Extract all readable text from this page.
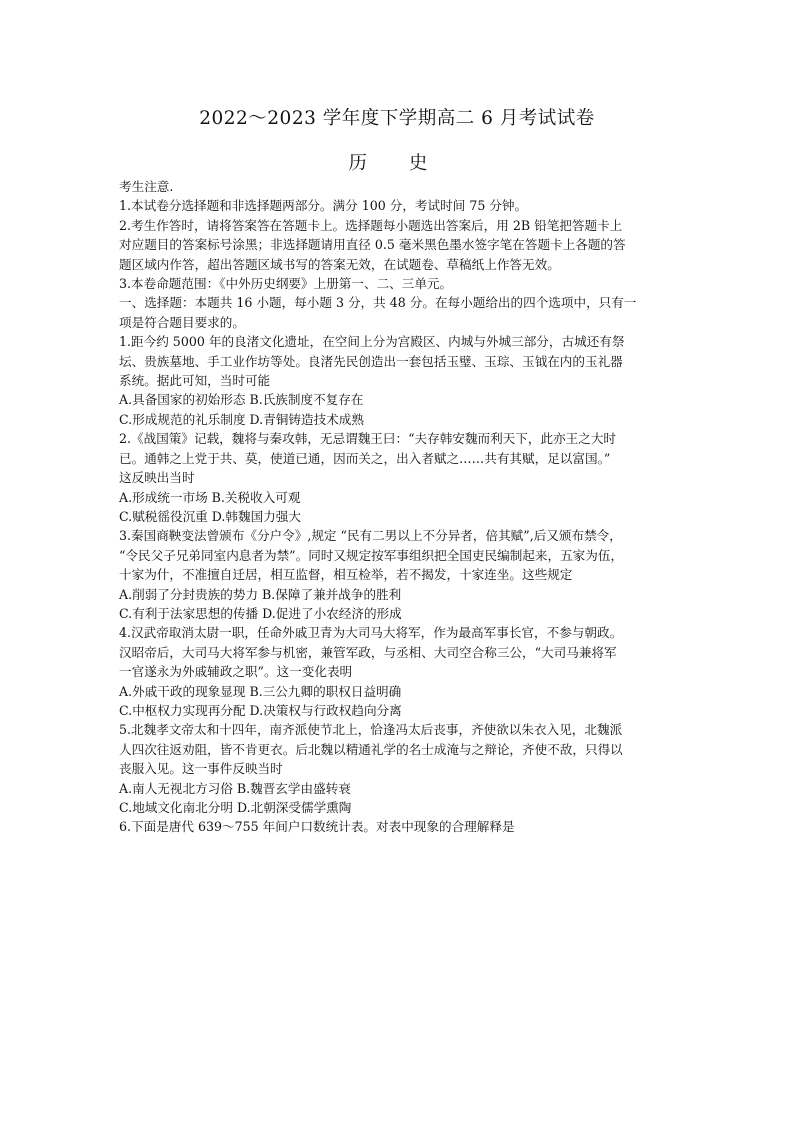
2022～2023 学年度下学期高二 6 月考试试卷
历 史

考生注意.

1.本试卷分选择题和非选择题两部分。满分 100 分，考试时间 75 分钟。

2.考生作答时，请将答案答在答题卡上。选择题每小题选出答案后，用 2B 铅笔把答题卡上

对应题目的答案标号涂黑；非选择题请用直径 0.5 毫米黑色墨水签字笔在答题卡上各题的答

题区域内作答，超出答题区域书写的答案无效，在试题卷、草稿纸上作答无效。

3.本卷命题范围：《中外历史纲要》上册第一、二、三单元。

一、选择题：本题共 16 小题，每小题 3 分，共 48 分。在每小题给出的四个选项中，只有一

项是符合题目要求的。

1.距今约 5000 年的良渚文化遗址，在空间上分为宫殿区、内城与外城三部分，古城还有祭

坛、贵族墓地、手工业作坊等处。良渚先民创造出一套包括玉璧、玉琮、玉钺在内的玉礼器

系统。据此可知，当时可能

A.具备国家的初始形态 B.氏族制度不复存在

C.形成规范的礼乐制度 D.青铜铸造技术成熟

2.《战国策》记载，魏将与秦攻韩，无忌谓魏王曰：“夫存韩安魏而利天下，此亦王之大时

已。通韩之上党于共、莫，使道已通，因而关之，出入者赋之……共有其赋，足以富国。”

这反映出当时

A.形成统一市场 B.关税收入可观

C.赋税徭役沉重 D.韩魏国力强大

3.秦国商鞅变法曾颁布《分户令》,规定 “民有二男以上不分异者，倍其赋”,后又颁布禁令，

“令民父子兄弟同室内息者为禁”。同时又规定按军事组织把全国吏民编制起来，五家为伍，

十家为什，不准擅自迁居，相互监督，相互检举，若不揭发，十家连坐。这些规定

A.削弱了分封贵族的势力 B.保障了兼并战争的胜利

C.有利于法家思想的传播 D.促进了小农经济的形成

4.汉武帝取消太尉一职，任命外戚卫青为大司马大将军，作为最高军事长官，不参与朝政。

汉昭帝后，大司马大将军参与机密，兼管军政，与丞相、大司空合称三公，“大司马兼将军

一官遂永为外戚辅政之职”。这一变化表明

A.外戚干政的现象显现 B.三公九卿的职权日益明确

C.中枢权力实现再分配 D.决策权与行政权趋向分离

5.北魏孝文帝太和十四年，南齐派使节北上，恰逢冯太后丧事，齐使欲以朱衣入见，北魏派

人四次往返劝阻，皆不肯更衣。后北魏以精通礼学的名士成淹与之辩论，齐使不敌，只得以

丧服入见。这一事件反映当时

A.南人无视北方习俗 B.魏晋玄学由盛转衰

C.地域文化南北分明 D.北朝深受儒学熏陶

6.下面是唐代 639～755 年间户口数统计表。对表中现象的合理解释是
